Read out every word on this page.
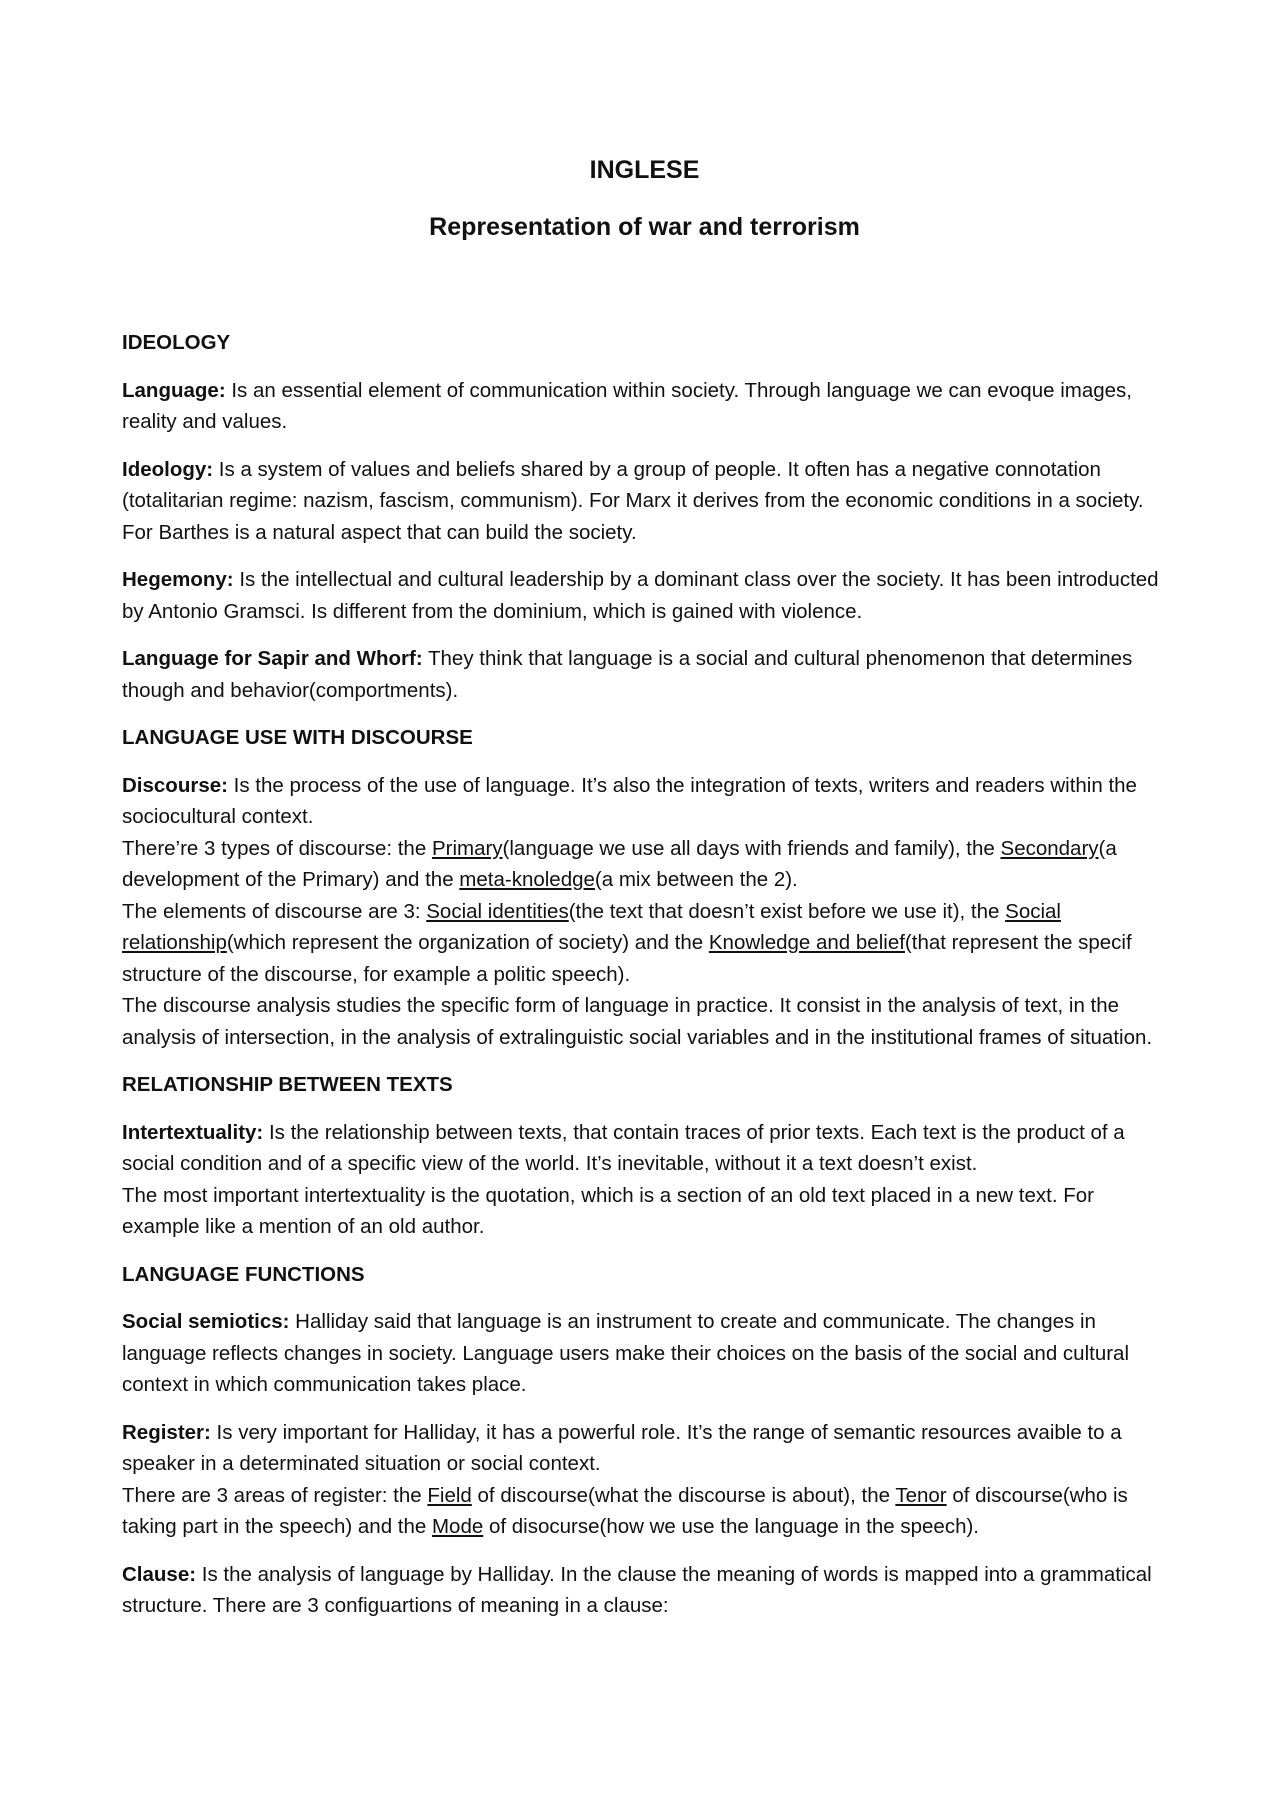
INGLESE
Representation of war and terrorism
IDEOLOGY

Language: Is an essential element of communication within society. Through language we can evoque images, reality and values.

Ideology: Is a system of values and beliefs shared by a group of people. It often has a negative connotation (totalitarian regime: nazism, fascism, communism). For Marx it derives from the economic conditions in a society. For Barthes is a natural aspect that can build the society.

Hegemony: Is the intellectual and cultural leadership by a dominant class over the society. It has been introducted by Antonio Gramsci. Is different from the dominium, which is gained with violence.

Language for Sapir and Whorf: They think that language is a social and cultural phenomenon that determines though and behavior(comportments).

LANGUAGE USE WITH DISCOURSE

Discourse: Is the process of the use of language. It’s also the integration of texts, writers and readers within the sociocultural context.
There’re 3 types of discourse: the Primary(language we use all days with friends and family), the Secondary(a development of the Primary) and the meta-knoledge(a mix between the 2).
The elements of discourse are 3: Social identities(the text that doesn’t exist before we use it), the Social relationship(which represent the organization of society) and the Knowledge and belief(that represent the specif structure of the discourse, for example a politic speech).
The discourse analysis studies the specific form of language in practice. It consist in the analysis of text, in the analysis of intersection, in the analysis of extralinguistic social variables and in the institutional frames of situation.

RELATIONSHIP BETWEEN TEXTS

Intertextuality: Is the relationship between texts, that contain traces of prior texts. Each text is the product of a social condition and of a specific view of the world. It’s inevitable, without it a text doesn’t exist.
The most important intertextuality is the quotation, which is a section of an old text placed in a new text. For example like a mention of an old author.

LANGUAGE FUNCTIONS

Social semiotics: Halliday said that language is an instrument to create and communicate. The changes in language reflects changes in society. Language users make their choices on the basis of the social and cultural context in which communication takes place.

Register: Is very important for Halliday, it has a powerful role. It’s the range of semantic resources avaible to a speaker in a determinated situation or social context.
There are 3 areas of register: the Field of discourse(what the discourse is about), the Tenor of discourse(who is taking part in the speech) and the Mode of disocurse(how we use the language in the speech).

Clause: Is the analysis of language by Halliday. In the clause the meaning of words is mapped into a grammatical structure. There are 3 configuartions of meaning in a clause:
